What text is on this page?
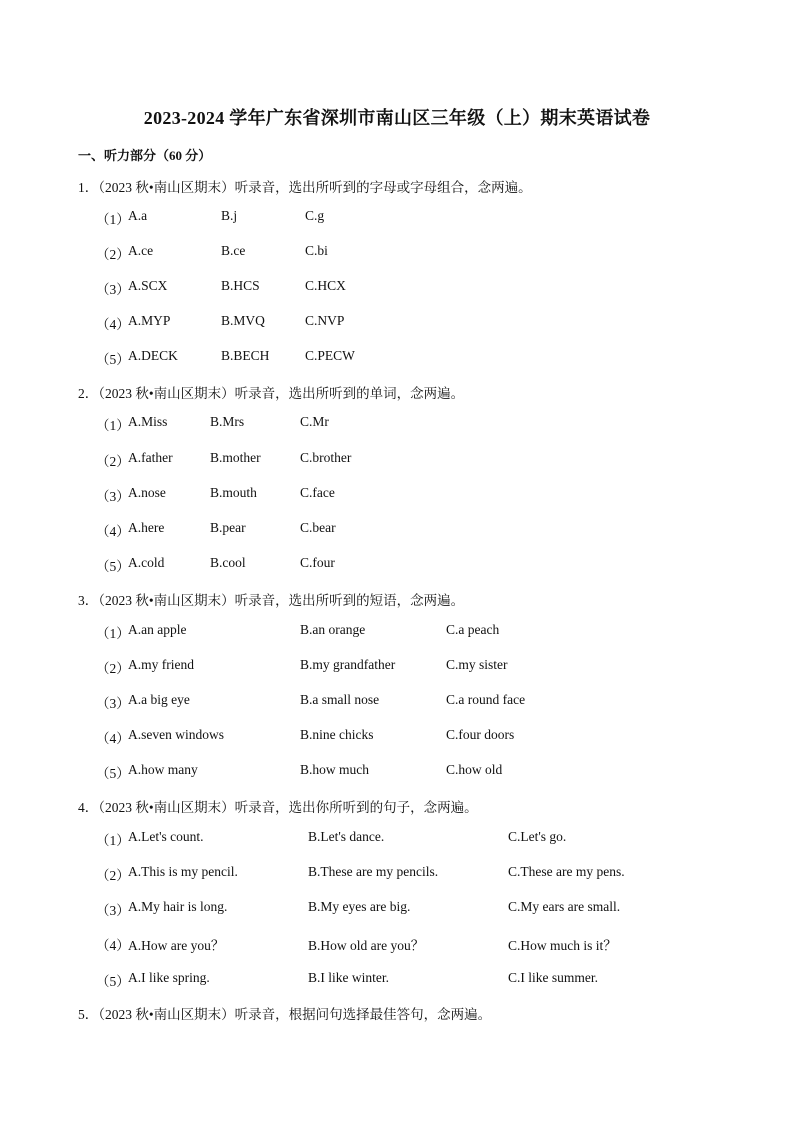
2023-2024 学年广东省深圳市南山区三年级（上）期末英语试卷
一、听力部分（60 分）
1．（2023 秋•南山区期末）听录音，选出所听到的字母或字母组合，念两遍。
（1）
A.a	B.j	C.g
（2）
A.ce	B.ce	C.bi
（3）
A.SCX	B.HCS	C.HCX
（4）
A.MYP	B.MVQ	C.NVP
（5）
A.DECK	B.BECH	C.PECW
2．（2023 秋•南山区期末）听录音，选出所听到的单词，念两遍。
（1）
A.Miss	B.Mrs	C.Mr
（2）
A.father	B.mother	C.brother
（3）
A.nose	B.mouth	C.face
（4）
A.here	B.pear	C.bear
（5）
A.cold	B.cool	C.four
3．（2023 秋•南山区期末）听录音，选出所听到的短语，念两遍。
（1）
A.an apple	B.an orange	C.a peach
（2）
A.my friend	B.my grandfather	C.my sister
（3）
A.a big eye	B.a small nose	C.a round face
（4）
A.seven windows	B.nine chicks	C.four doors
（5）
A.how many	B.how much	C.how old
4．（2023 秋•南山区期末）听录音，选出你所听到的句子，念两遍。
（1）
A.Let's count.	B.Let's dance.	C.Let's go.
（2）
A.This is my pencil.	B.These are my pencils.	C.These are my pens.
（3）
A.My hair is long.	B.My eyes are big.	C.My ears are small.
（4）
A.How are you？	B.How old are you？	C.How much is it？
（5）
A.I like spring.	B.I like winter.	C.I like summer.
5．（2023 秋•南山区期末）听录音，根据问句选择最佳答句，念两遍。
